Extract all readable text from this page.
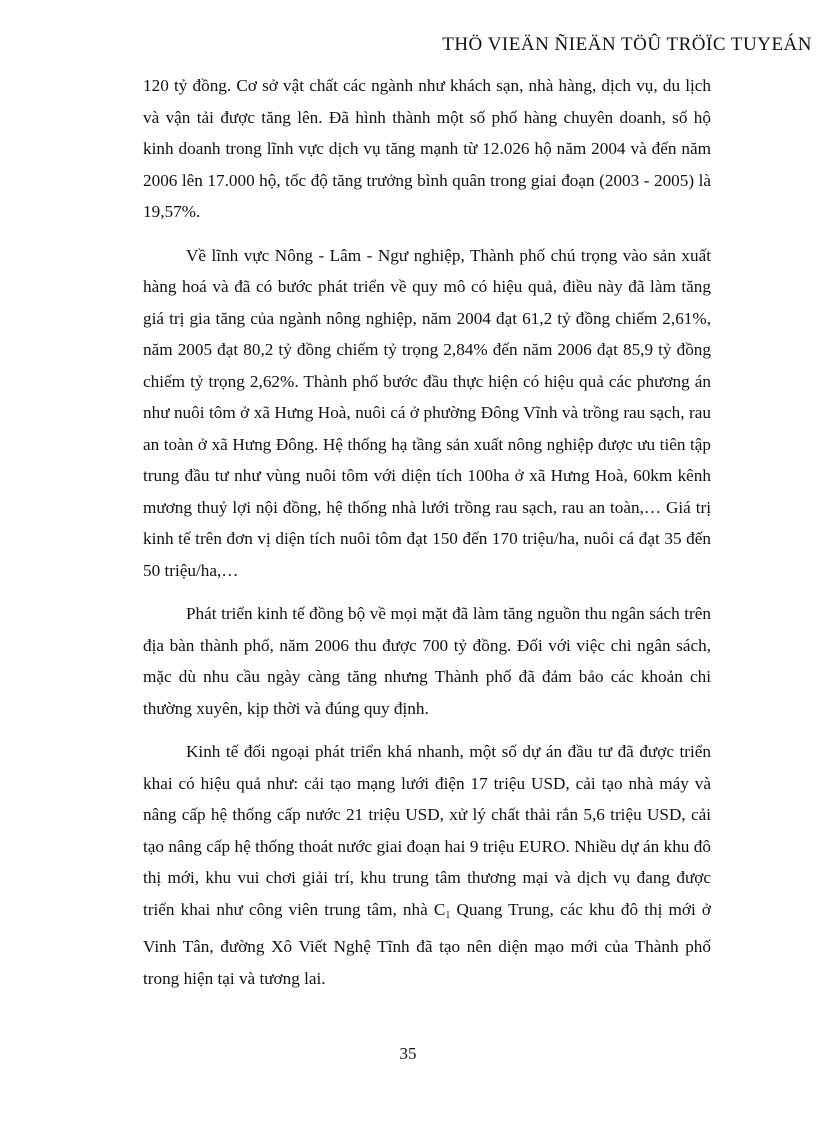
THÖ VIEÄN ÑIEÄN TÖÛ TRÖÏC TUYEÁN

120 tỷ đồng. Cơ sở vật chất các ngành như khách sạn, nhà hàng, dịch vụ, du lịch và vận tải được tăng lên. Đã hình thành một số phố hàng chuyên doanh, số hộ kinh doanh trong lĩnh vực dịch vụ tăng mạnh từ 12.026 hộ năm 2004 và đến năm 2006 lên 17.000 hộ, tốc độ tăng trưởng bình quân trong giai đoạn (2003 - 2005) là 19,57%.

Về lĩnh vực Nông - Lâm - Ngư nghiệp, Thành phố chú trọng vào sản xuất hàng hoá và đã có bước phát triển về quy mô có hiệu quả, điều này đã làm tăng giá trị gia tăng của ngành nông nghiệp, năm 2004 đạt 61,2 tỷ đồng chiếm 2,61%, năm 2005 đạt 80,2 tỷ đồng chiếm tỷ trọng 2,84% đến năm 2006 đạt 85,9 tỷ đồng chiếm tỷ trọng 2,62%. Thành phố bước đầu thực hiện có hiệu quả các phương án như nuôi tôm ở xã Hưng Hoà, nuôi cá ở phường Đông Vĩnh và trồng rau sạch, rau an toàn ở xã Hưng Đông. Hệ thống hạ tầng sản xuất nông nghiệp được ưu tiên tập trung đầu tư như vùng nuôi tôm với diện tích 100ha ở xã Hưng Hoà, 60km kênh mương thuỷ lợi nội đồng, hệ thống nhà lưới trồng rau sạch, rau an toàn,… Giá trị kinh tế trên đơn vị diện tích nuôi tôm đạt 150 đến 170 triệu/ha, nuôi cá đạt 35 đến 50 triệu/ha,…

Phát triển kinh tế đồng bộ về mọi mặt đã làm tăng nguồn thu ngân sách trên địa bàn thành phố, năm 2006 thu được 700 tỷ đồng. Đối với việc chi ngân sách, mặc dù nhu cầu ngày càng tăng nhưng Thành phố đã đảm bảo các khoản chi thường xuyên, kịp thời và đúng quy định.

Kinh tế đối ngoại phát triển khá nhanh, một số dự án đầu tư đã được triển khai có hiệu quả như: cải tạo mạng lưới điện 17 triệu USD, cải tạo nhà máy và nâng cấp hệ thống cấp nước 21 triệu USD, xử lý chất thải rắn 5,6 triệu USD, cải tạo nâng cấp hệ thống thoát nước giai đoạn hai 9 triệu EURO. Nhiều dự án khu đô thị mới, khu vui chơi giải trí, khu trung tâm thương mại và dịch vụ đang được triển khai như công viên trung tâm, nhà $C_1$ Quang Trung, các khu đô thị mới ở Vinh Tân, đường Xô Viết Nghệ Tĩnh đã tạo nên diện mạo mới của Thành phố trong hiện tại và tương lai.

35
